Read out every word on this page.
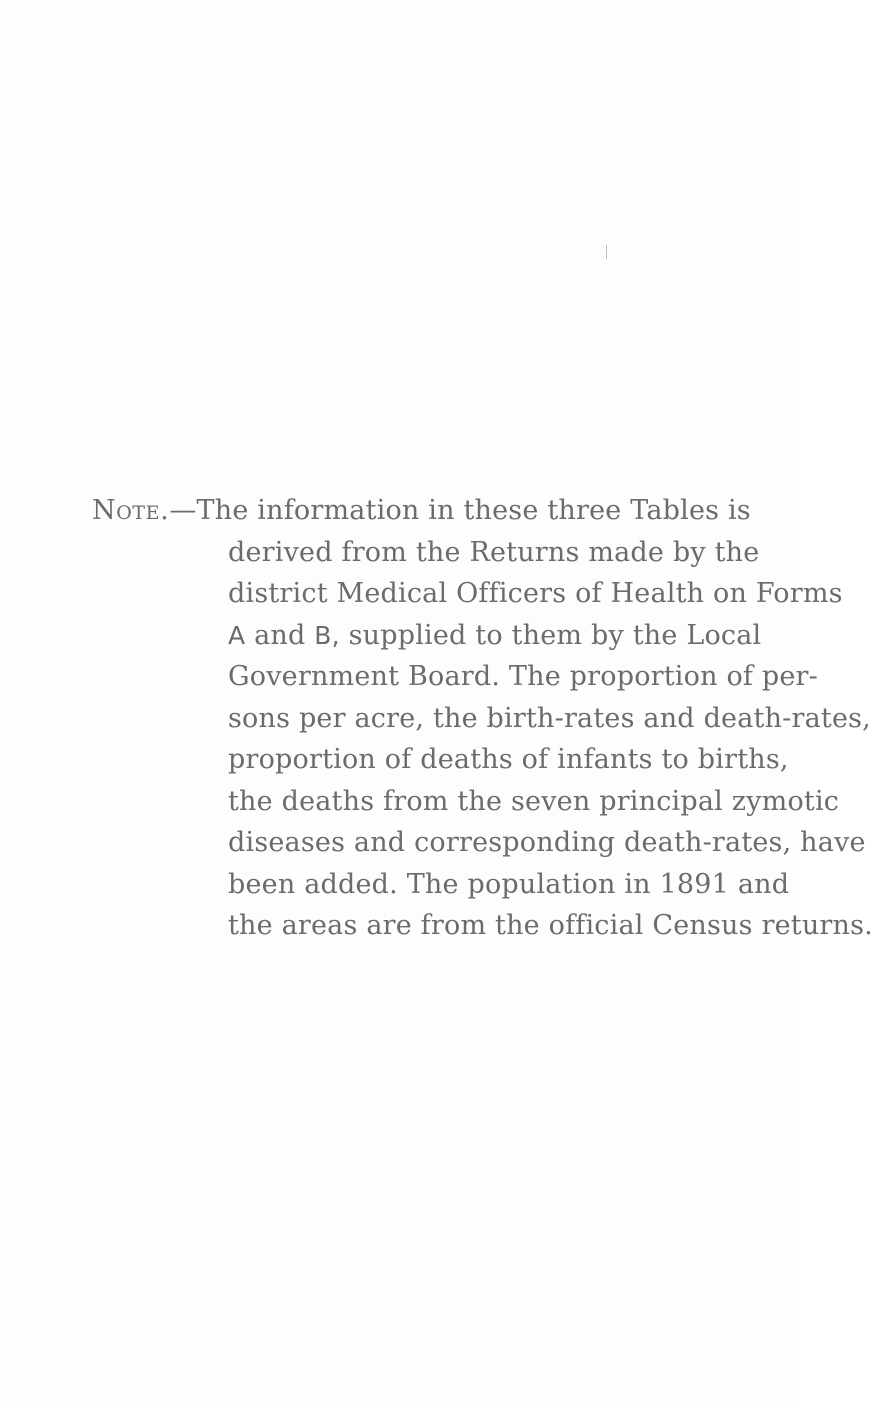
Note.—The information in these three Tables is
derived from the Returns made by the
district Medical Officers of Health on Forms
A and B, supplied to them by the Local
Government Board. The proportion of per-
sons per acre, the birth-rates and death-rates,
proportion of deaths of infants to births,
the deaths from the seven principal zymotic
diseases and corresponding death-rates, have
been added. The population in 1891 and
the areas are from the official Census returns.
